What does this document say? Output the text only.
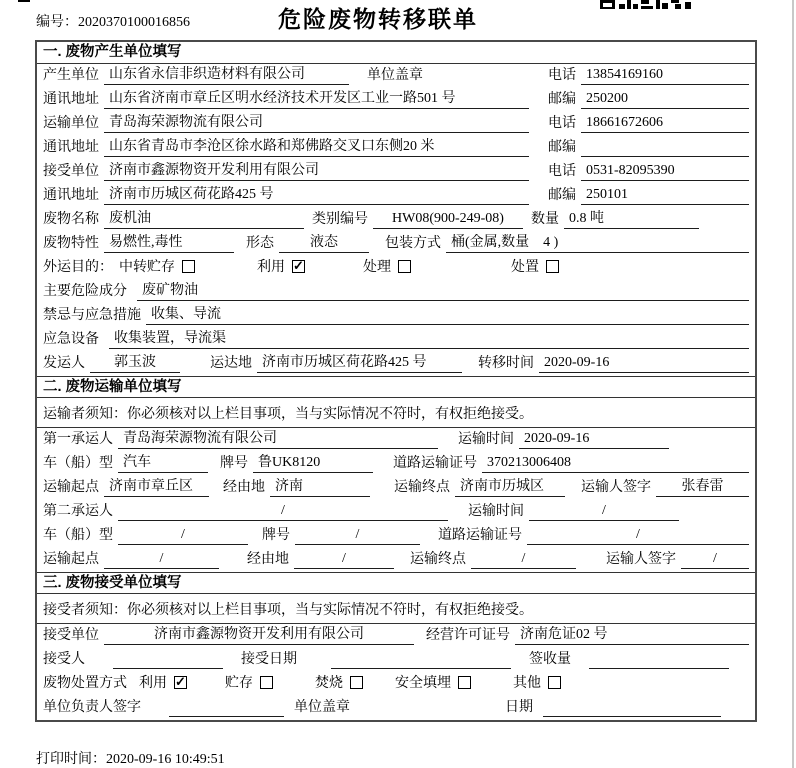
编号：2020370100016856	危险废物转移联单
一. 废物产生单位填写
产生单位 山东省永信非织造材料有限公司	单位盖章	电话 13854169160
通讯地址 山东省济南市章丘区明水经济技术开发区工业一路501 号	邮编 250200
运输单位 青岛海荣源物流有限公司	电话 18661672606
通讯地址 山东省青岛市李沧区徐水路和郑佛路交叉口东侧20 米	邮编
接受单位 济南市鑫源物资开发利用有限公司	电话 0531-82095390
通讯地址 济南市历城区荷花路425 号	邮编 250101
废物名称 废机油	类别编号	HW08(900-249-08)	数量 0.8 吨
废物特性 易燃性,毒性	形态	液态	包装方式 桶(金属,数量　4 )
外运目的： 中转贮存	利用 ✓	处理	处置
主要危险成分	废矿物油
禁忌与应急措施 收集、导流
应急设备	收集装置，导流渠
发运人	郭玉波	运达地 济南市历城区荷花路425 号	转移时间 2020-09-16
二. 废物运输单位填写
运输者须知：你必须核对以上栏目事项，当与实际情况不符时，有权拒绝接受。
第一承运人 青岛海荣源物流有限公司	运输时间 2020-09-16
车（船）型 汽车	牌号 鲁UK8120	道路运输证号 370213006408
运输起点 济南市章丘区	经由地 济南	运输终点 济南市历城区	运输人签字	张春雷
第二承运人	/	运输时间	/
车（船）型	/	牌号	/	道路运输证号	/
运输起点	/	经由地	/	运输终点	/	运输人签字	/
三. 废物接受单位填写
接受者须知：你必须核对以上栏目事项，当与实际情况不符时，有权拒绝接受。
接受单位	济南市鑫源物资开发利用有限公司	经营许可证号 济南危证02 号
接受人	接受日期	签收量
废物处置方式 利用 ✓	贮存	焚烧	安全填埋	其他
单位负责人签字	单位盖章	日期
打印时间：2020-09-16 10:49:51
